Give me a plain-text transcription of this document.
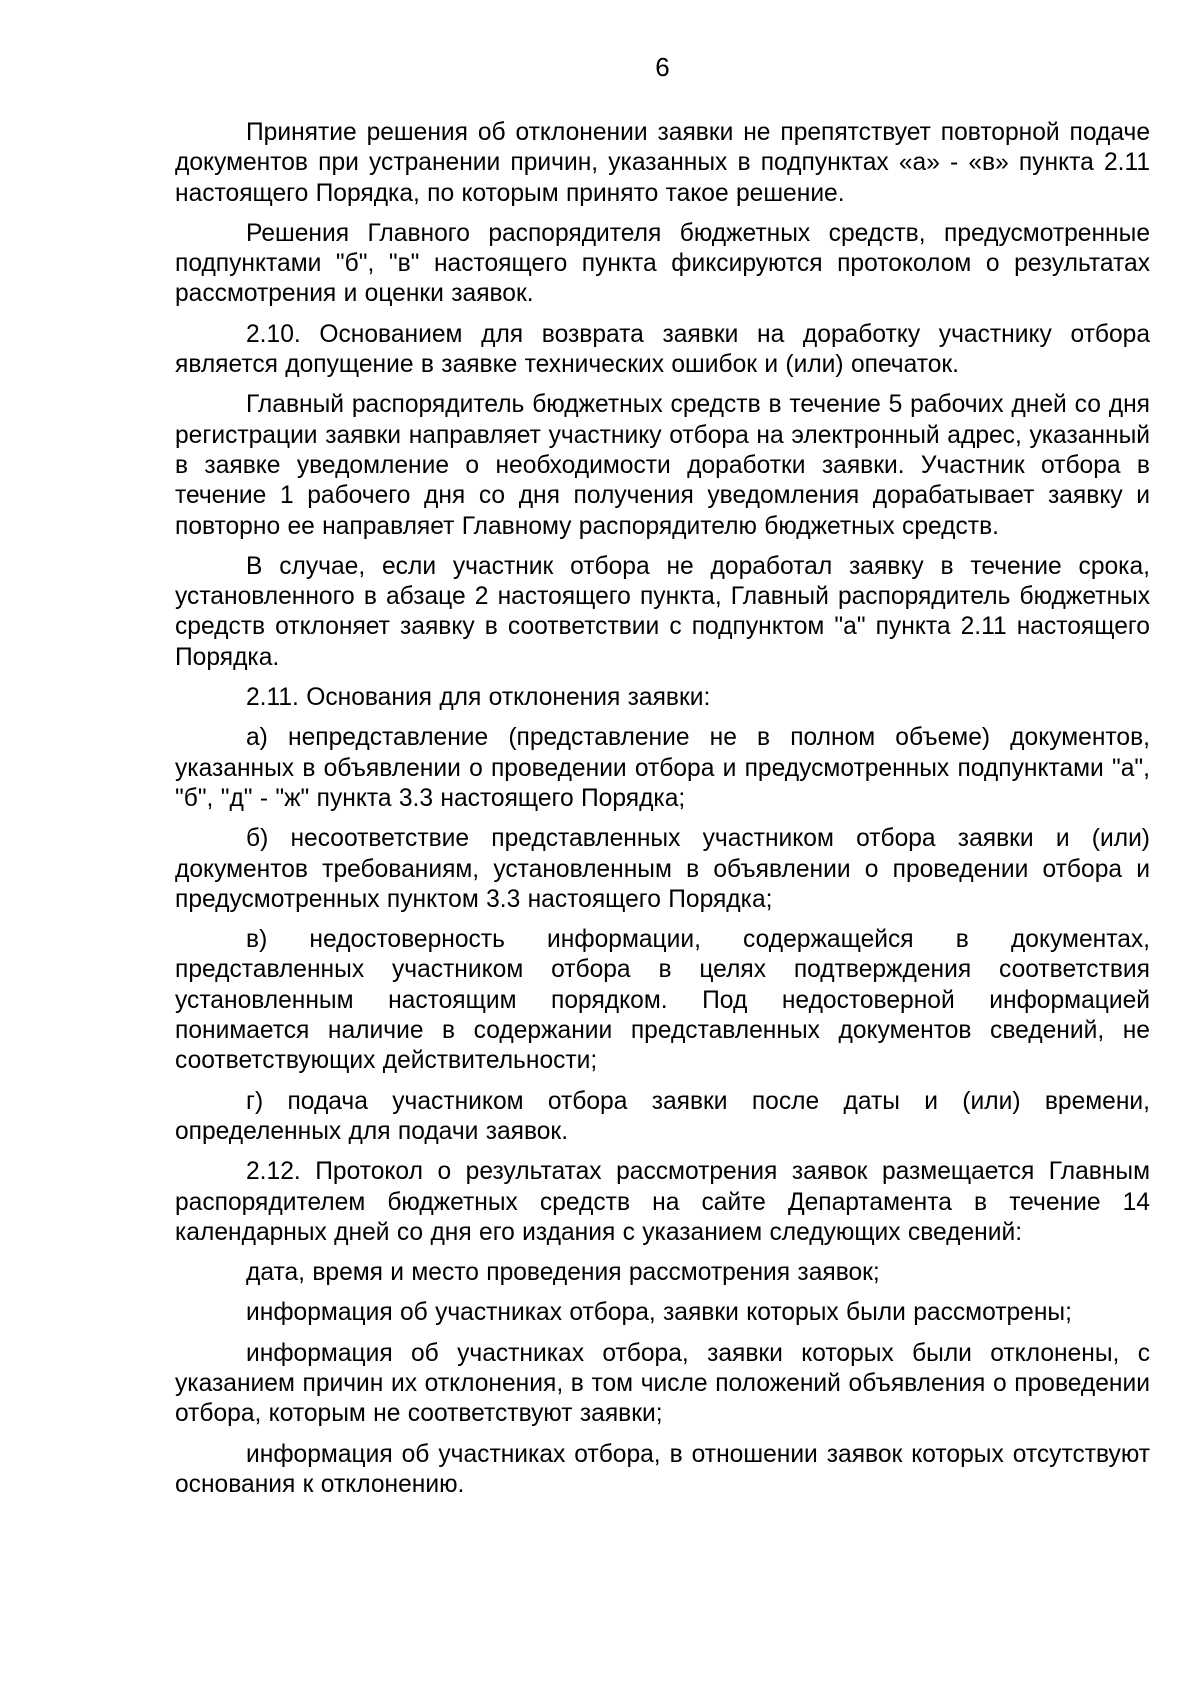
6

Принятие решения об отклонении заявки не препятствует повторной подаче документов при устранении причин, указанных в подпунктах «а» - «в» пункта 2.11 настоящего Порядка, по которым принято такое решение.

Решения Главного распорядителя бюджетных средств, предусмотренные подпунктами "б", "в" настоящего пункта фиксируются протоколом о результатах рассмотрения и оценки заявок.

2.10. Основанием для возврата заявки на доработку участнику отбора является допущение в заявке технических ошибок и (или) опечаток.

Главный распорядитель бюджетных средств в течение 5 рабочих дней со дня регистрации заявки направляет участнику отбора на электронный адрес, указанный в заявке уведомление о необходимости доработки заявки. Участник отбора в течение 1 рабочего дня со дня получения уведомления дорабатывает заявку и повторно ее направляет Главному распорядителю бюджетных средств.

В случае, если участник отбора не доработал заявку в течение срока, установленного в абзаце 2 настоящего пункта, Главный распорядитель бюджетных средств отклоняет заявку в соответствии с подпунктом "а" пункта 2.11 настоящего Порядка.

2.11. Основания для отклонения заявки:

а) непредставление (представление не в полном объеме) документов, указанных в объявлении о проведении отбора и предусмотренных подпунктами "а", "б", "д" - "ж" пункта 3.3 настоящего Порядка;

б) несоответствие представленных участником отбора заявки и (или) документов требованиям, установленным в объявлении о проведении отбора и предусмотренных пунктом 3.3 настоящего Порядка;

в) недостоверность информации, содержащейся в документах, представленных участником отбора в целях подтверждения соответствия установленным настоящим порядком. Под недостоверной информацией понимается наличие в содержании представленных документов сведений, не соответствующих действительности;

г) подача участником отбора заявки после даты и (или) времени, определенных для подачи заявок.

2.12. Протокол о результатах рассмотрения заявок размещается Главным распорядителем бюджетных средств на сайте Департамента в течение 14 календарных дней со дня его издания с указанием следующих сведений:

дата, время и место проведения рассмотрения заявок;

информация об участниках отбора, заявки которых были рассмотрены;

информация об участниках отбора, заявки которых были отклонены, с указанием причин их отклонения, в том числе положений объявления о проведении отбора, которым не соответствуют заявки;

информация об участниках отбора, в отношении заявок которых отсутствуют основания к отклонению.
